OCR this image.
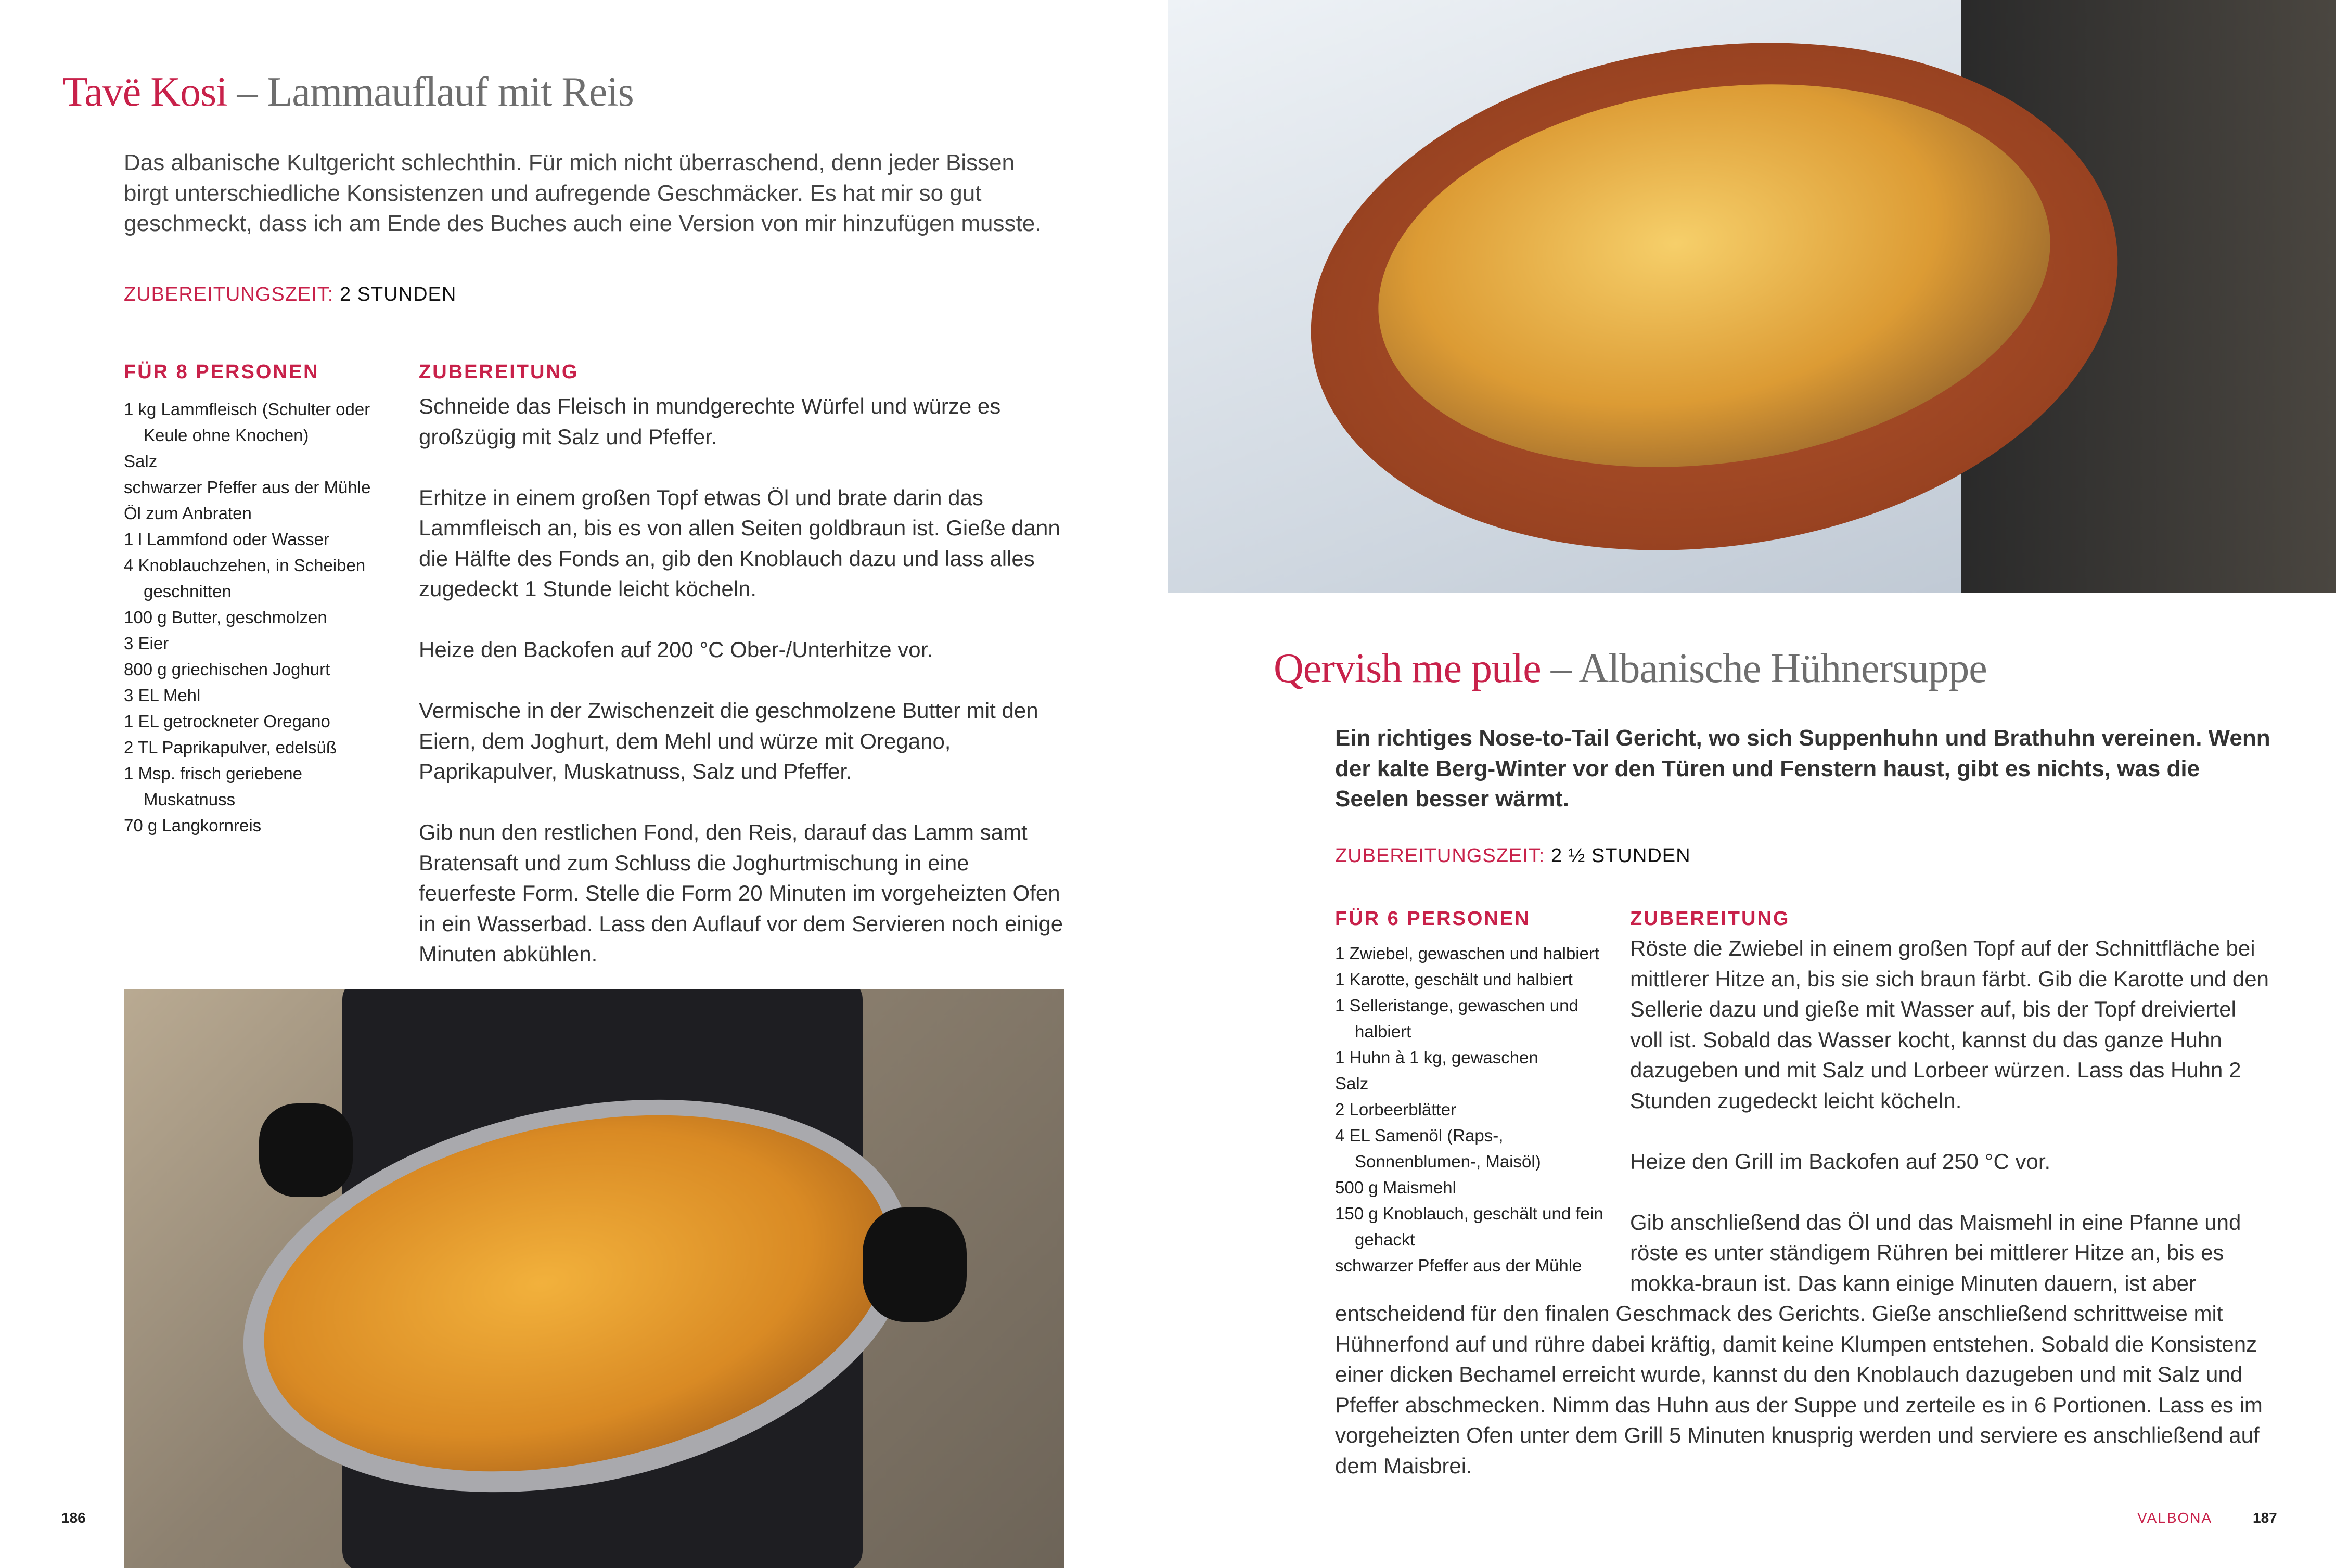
Tavë Kosi – Lammauflauf mit Reis
Das albanische Kultgericht schlechthin. Für mich nicht überraschend, denn jeder Bissen birgt unterschiedliche Konsistenzen und aufregende Geschmäcker. Es hat mir so gut geschmeckt, dass ich am Ende des Buches auch eine Version von mir hinzufügen musste.
ZUBEREITUNGSZEIT: 2 STUNDEN
FÜR 8 PERSONEN
1 kg Lammfleisch (Schulter oder Keule ohne Knochen)
Salz
schwarzer Pfeffer aus der Mühle
Öl zum Anbraten
1 l Lammfond oder Wasser
4 Knoblauchzehen, in Scheiben geschnitten
100 g Butter, geschmolzen
3 Eier
800 g griechischen Joghurt
3 EL Mehl
1 EL getrockneter Oregano
2 TL Paprikapulver, edelsüß
1 Msp. frisch geriebene Muskatnuss
70 g Langkornreis
ZUBEREITUNG

Schneide das Fleisch in mundgerechte Würfel und würze es großzügig mit Salz und Pfeffer.

Erhitze in einem großen Topf etwas Öl und brate darin das Lammfleisch an, bis es von allen Seiten goldbraun ist. Gieße dann die Hälfte des Fonds an, gib den Knoblauch dazu und lass alles zugedeckt 1 Stunde leicht köcheln.

Heize den Backofen auf 200 °C Ober-/Unterhitze vor.

Vermische in der Zwischenzeit die geschmolzene Butter mit den Eiern, dem Joghurt, dem Mehl und würze mit Oregano, Paprikapulver, Muskatnuss, Salz und Pfeffer.

Gib nun den restlichen Fond, den Reis, darauf das Lamm samt Bratensaft und zum Schluss die Joghurtmischung in eine feuerfeste Form. Stelle die Form 20 Minuten im vorgeheizten Ofen in ein Wasserbad. Lass den Auflauf vor dem Servieren noch einige Minuten abkühlen.

186
Qervish me pule – Albanische Hühnersuppe
Ein richtiges Nose-to-Tail Gericht, wo sich Suppenhuhn und Brathuhn vereinen. Wenn der kalte Berg-Winter vor den Türen und Fenstern haust, gibt es nichts, was die Seelen besser wärmt.
ZUBEREITUNGSZEIT: 2 ½ STUNDEN
FÜR 6 PERSONEN
1 Zwiebel, gewaschen und halbiert
1 Karotte, geschält und halbiert
1 Selleristange, gewaschen und halbiert
1 Huhn à 1 kg, gewaschen
Salz
2 Lorbeerblätter
4 EL Samenöl (Raps-, Sonnenblumen-, Maisöl)
500 g Maismehl
150 g Knoblauch, geschält und fein gehackt
schwarzer Pfeffer aus der Mühle
ZUBEREITUNG

Röste die Zwiebel in einem großen Topf auf der Schnittfläche bei mittlerer Hitze an, bis sie sich braun färbt. Gib die Karotte und den Sellerie dazu und gieße mit Wasser auf, bis der Topf dreiviertel voll ist. Sobald das Wasser kocht, kannst du das ganze Huhn dazugeben und mit Salz und Lorbeer würzen. Lass das Huhn 2 Stunden zugedeckt leicht köcheln.

Heize den Grill im Backofen auf 250 °C vor.

Gib anschließend das Öl und das Maismehl in eine Pfanne und röste es unter ständigem Rühren bei mittlerer Hitze an, bis es mokka-braun ist. Das kann einige Minuten dauern, ist aber entscheidend für den finalen Geschmack des Gerichts. Gieße anschließend schrittweise mit Hühnerfond auf und rühre dabei kräftig, damit keine Klumpen entstehen. Sobald die Konsistenz einer dicken Bechamel erreicht wurde, kannst du den Knoblauch dazugeben und mit Salz und Pfeffer abschmecken. Nimm das Huhn aus der Suppe und zerteile es in 6 Portionen. Lass es im vorgeheizten Ofen unter dem Grill 5 Minuten knusprig werden und serviere es anschließend auf dem Maisbrei.

VALBONA	187
